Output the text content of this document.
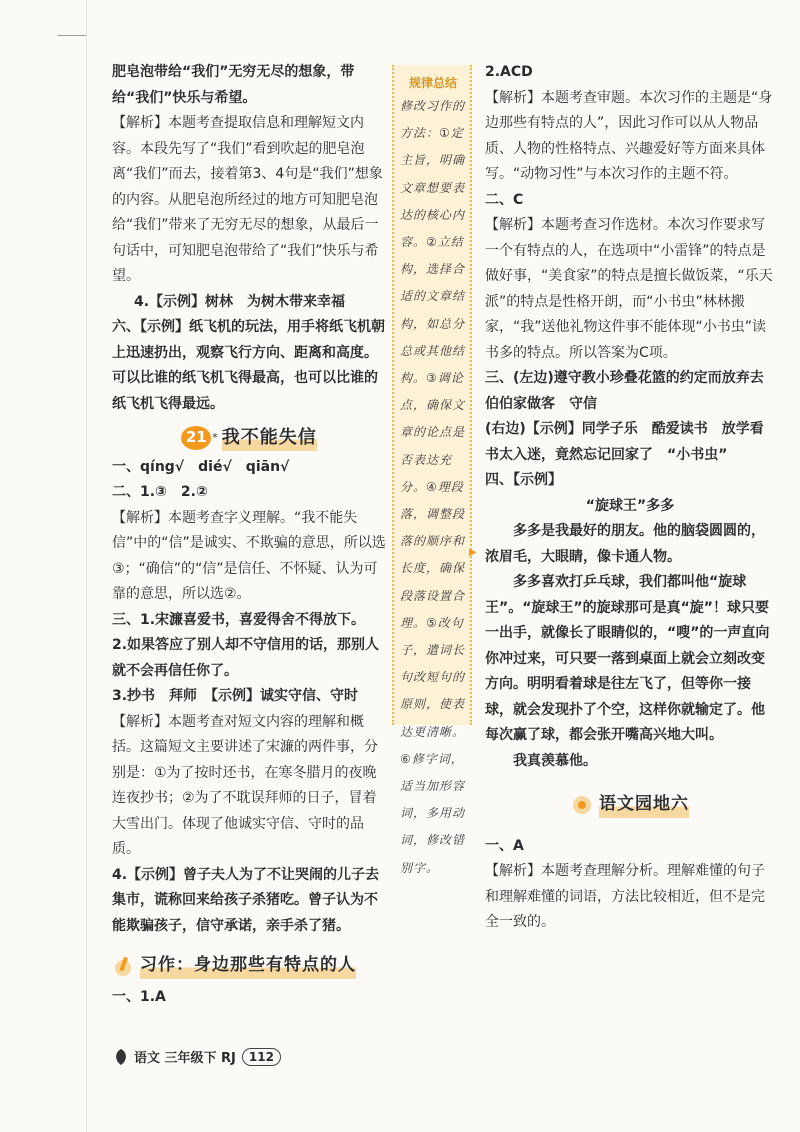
肥皂泡带给“我们”无穷无尽的想象，带给“我们”快乐与希望。

【解析】本题考查提取信息和理解短文内容。本段先写了“我们”看到吹起的肥皂泡离“我们”而去，接着第3、4句是“我们”想象的内容。从肥皂泡所经过的地方可知肥皂泡给“我们”带来了无穷无尽的想象，从最后一句话中，可知肥皂泡带给了“我们”快乐与希望。

4.【示例】树林　为树木带来幸福

六、【示例】纸飞机的玩法，用手将纸飞机朝上迅速扔出，观察飞行方向、距离和高度。可以比谁的纸飞机飞得最高，也可以比谁的纸飞机飞得最远。

21 * 我不能失信

一、qíng√　dié√　qiān√

二、1.③　2.②

【解析】本题考查字义理解。“我不能失信”中的“信”是诚实、不欺骗的意思，所以选③；“确信”的“信”是信任、不怀疑、认为可靠的意思，所以选②。

三、1.宋濂喜爱书，喜爱得舍不得放下。

2.如果答应了别人却不守信用的话，那别人就不会再信任你了。

3.抄书　拜师　【示例】诚实守信、守时

【解析】本题考查对短文内容的理解和概括。这篇短文主要讲述了宋濂的两件事，分别是：①为了按时还书，在寒冬腊月的夜晚连夜抄书；②为了不耽误拜师的日子，冒着大雪出门。体现了他诚实守信、守时的品质。

4.【示例】曾子夫人为了不让哭闹的儿子去集市，谎称回来给孩子杀猪吃。曾子认为不能欺骗孩子，信守承诺，亲手杀了猪。

习作：身边那些有特点的人

一、1.A

规律总结
修改习作的方法：①定主旨，明确文章想要表达的核心内容。②立结构，选择合适的文章结构，如总分总或其他结构。③调论点，确保文章的论点是否表达充分。④理段落，调整段落的顺序和长度，确保段落设置合理。⑤改句子，遣词长句改短句的原则，使表达更清晰。⑥修字词，适当加形容词，多用动词，修改错别字。
▶

2.ACD

【解析】本题考查审题。本次习作的主题是“身边那些有特点的人”，因此习作可以从人物品质、人物的性格特点、兴趣爱好等方面来具体写。“动物习性”与本次习作的主题不符。

二、C

【解析】本题考查习作选材。本次习作要求写一个有特点的人，在选项中“小雷锋”的特点是做好事，“美食家”的特点是擅长做饭菜，“乐天派”的特点是性格开朗，而“小书虫”林林搬家，“我”送他礼物这件事不能体现“小书虫”读书多的特点。所以答案为C项。

三、(左边)遵守教小珍叠花篮的约定而放弃去伯伯家做客　守信

(右边)【示例】同学子乐　酷爱读书　放学看书太入迷，竟然忘记回家了　“小书虫”

四、【示例】

“旋球王”多多

多多是我最好的朋友。他的脑袋圆圆的，浓眉毛，大眼睛，像卡通人物。

多多喜欢打乒乓球，我们都叫他“旋球王”。“旋球王”的旋球那可是真“旋”！球只要一出手，就像长了眼睛似的，“嗖”的一声直向你冲过来，可只要一落到桌面上就会立刻改变方向。明明看着球是往左飞了，但等你一接球，就会发现扑了个空，这样你就输定了。他每次赢了球，都会张开嘴高兴地大叫。

我真羡慕他。

语文园地六

一、A

【解析】本题考查理解分析。理解难懂的句子和理解难懂的词语，方法比较相近，但不是完全一致的。

语文 三年级下 RJ	112
